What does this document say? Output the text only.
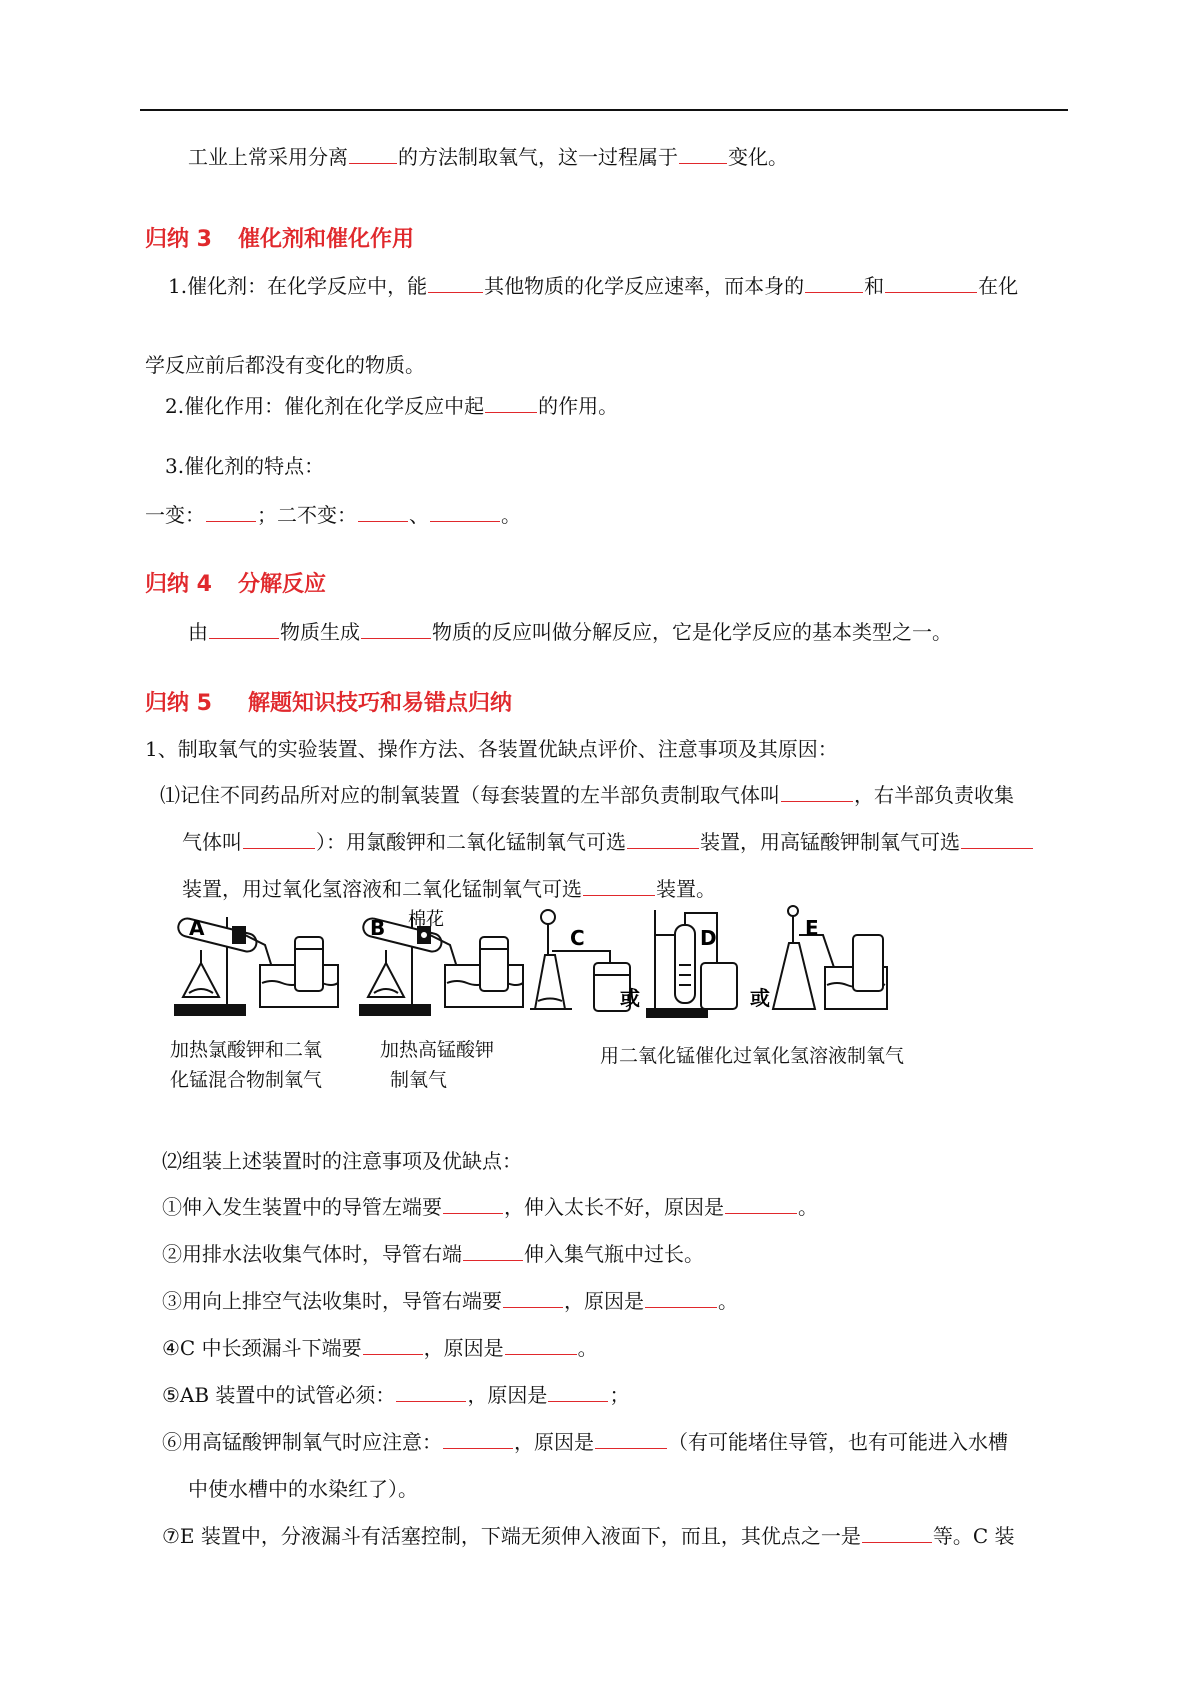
工业上常采用分离	的方法制取氧气，这一过程属于	变化。
归纳 3 催化剂和催化作用
1.催化剂：在化学反应中，能	其他物质的化学反应速率，而本身的	和	在化
学反应前后都没有变化的物质。
2.催化作用：催化剂在化学反应中起	的作用。
3.催化剂的特点：
一变：	；二不变：	、	。
归纳 4 分解反应
由	物质生成	物质的反应叫做分解反应，它是化学反应的基本类型之一。
归纳 5 解题知识技巧和易错点归纳
1、制取氧气的实验装置、操作方法、各装置优缺点评价、注意事项及其原因：
⑴记住不同药品所对应的制氧装置（每套装置的左半部负责制取气体叫	，右半部负责收集
气体叫	）：用氯酸钾和二氧化锰制氧气可选	装置，用高锰酸钾制氧气可选
装置，用过氧化氢溶液和二氧化锰制氧气可选	装置。
A	B 棉花
C
或
D
或
E
加热氯酸钾和二氧
化锰混合物制氧气
加热高锰酸钾
制氧气
用二氧化锰催化过氧化氢溶液制氧气
⑵组装上述装置时的注意事项及优缺点：
①伸入发生装置中的导管左端要	，伸入太长不好，原因是	。
②用排水法收集气体时，导管右端	伸入集气瓶中过长。
③用向上排空气法收集时，导管右端要	，原因是	。
④C 中长颈漏斗下端要	，原因是	。
⑤AB 装置中的试管必须：	，原因是	；
⑥用高锰酸钾制氧气时应注意：	，原因是	（有可能堵住导管，也有可能进入水槽
中使水槽中的水染红了）。
⑦E 装置中，分液漏斗有活塞控制，下端无须伸入液面下，而且，其优点之一是	等。C 装
